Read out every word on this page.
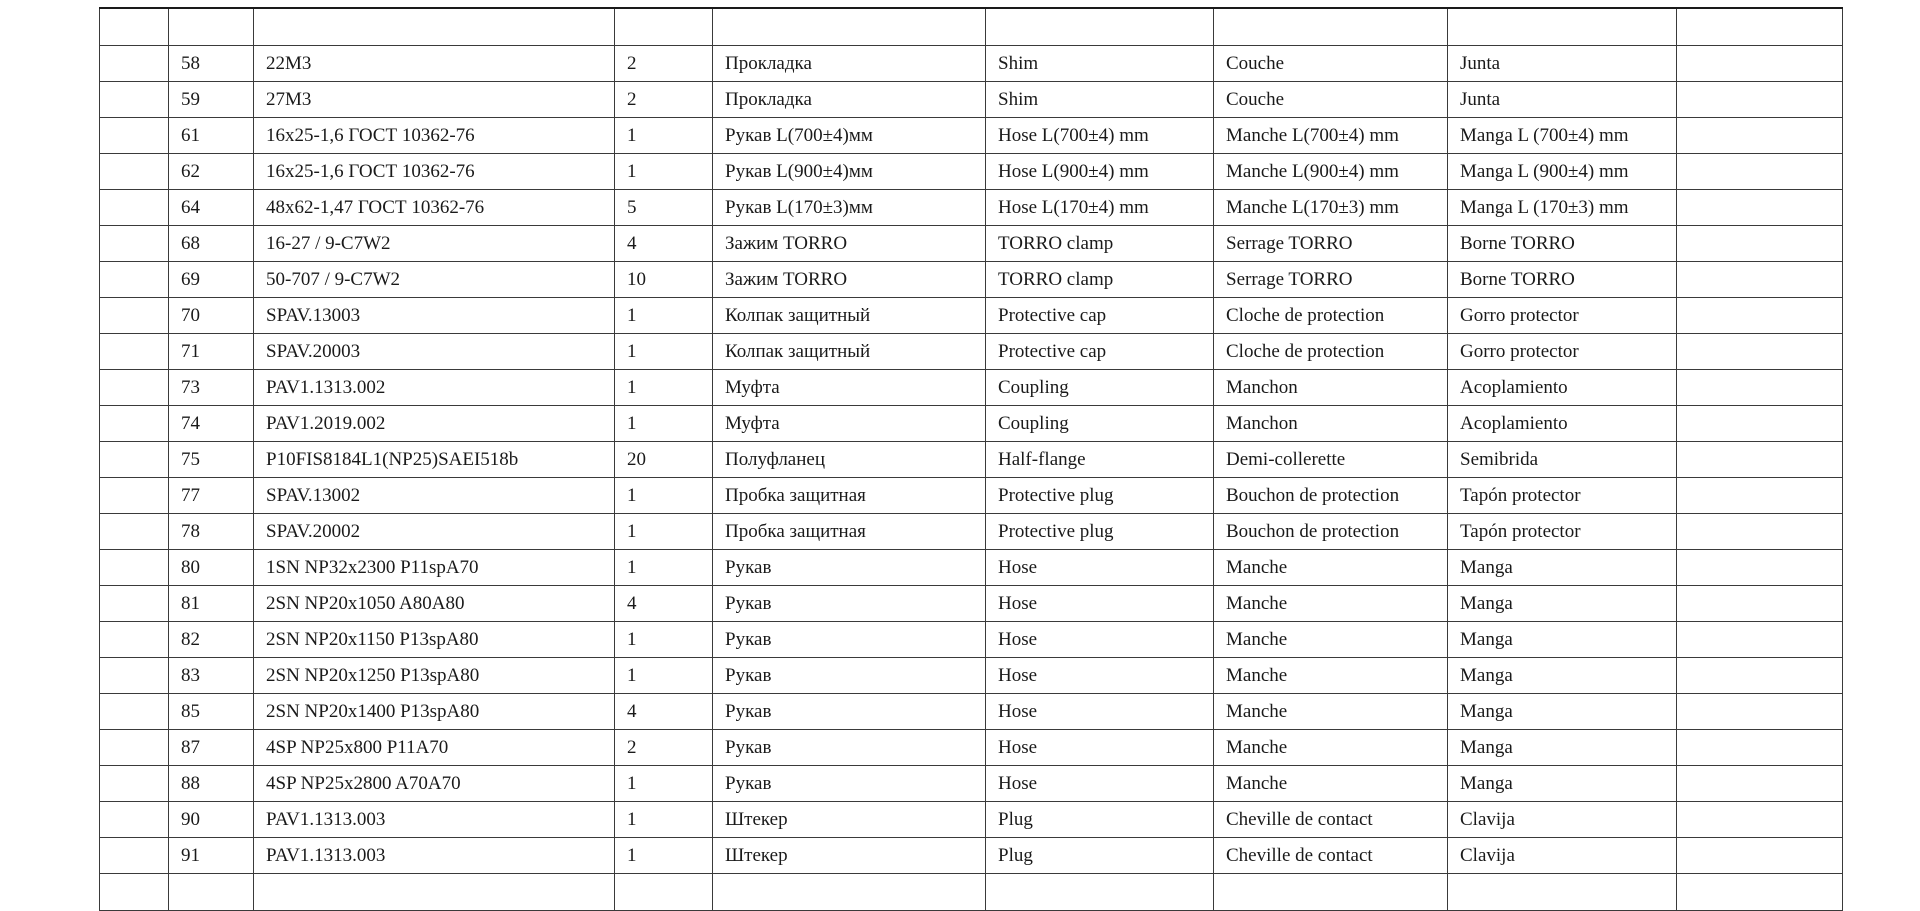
	58	22M3	2	Прокладка	Shim	Couche	Junta	
	59	27M3	2	Прокладка	Shim	Couche	Junta	
	61	16x25-1,6 ГОСТ 10362-76	1	Рукав L(700±4)мм	Hose L(700±4) mm	Manche L(700±4) mm	Manga L (700±4) mm	
	62	16x25-1,6 ГОСТ 10362-76	1	Рукав L(900±4)мм	Hose L(900±4) mm	Manche L(900±4) mm	Manga L (900±4) mm	
	64	48x62-1,47 ГОСТ 10362-76	5	Рукав L(170±3)мм	Hose L(170±4) mm	Manche L(170±3) mm	Manga L (170±3) mm	
	68	16-27 / 9-C7W2	4	Зажим TORRO	TORRO clamp	Serrage TORRO	Borne TORRO	
	69	50-707 / 9-C7W2	10	Зажим TORRO	TORRO clamp	Serrage TORRO	Borne TORRO	
	70	SPAV.13003	1	Колпак защитный	Protective cap	Cloche de protection	Gorro protector	
	71	SPAV.20003	1	Колпак защитный	Protective cap	Cloche de protection	Gorro protector	
	73	PAV1.1313.002	1	Муфта	Coupling	Manchon	Acoplamiento	
	74	PAV1.2019.002	1	Муфта	Coupling	Manchon	Acoplamiento	
	75	P10FIS8184L1(NP25)SAEI518b	20	Полуфланец	Half-flange	Demi-collerette	Semibrida	
	77	SPAV.13002	1	Пробка защитная	Protective plug	Bouchon de protection	Tapón protector	
	78	SPAV.20002	1	Пробка защитная	Protective plug	Bouchon de protection	Tapón protector	
	80	1SN NP32x2300 P11spA70	1	Рукав	Hose	Manche	Manga	
	81	2SN NP20x1050 A80A80	4	Рукав	Hose	Manche	Manga	
	82	2SN NP20x1150 P13spA80	1	Рукав	Hose	Manche	Manga	
	83	2SN NP20x1250 P13spA80	1	Рукав	Hose	Manche	Manga	
	85	2SN NP20x1400 P13spA80	4	Рукав	Hose	Manche	Manga	
	87	4SP NP25x800 P11A70	2	Рукав	Hose	Manche	Manga	
	88	4SP NP25x2800 A70A70	1	Рукав	Hose	Manche	Manga	
	90	PAV1.1313.003	1	Штекер	Plug	Cheville de contact	Clavija	
	91	PAV1.1313.003	1	Штекер	Plug	Cheville de contact	Clavija	
